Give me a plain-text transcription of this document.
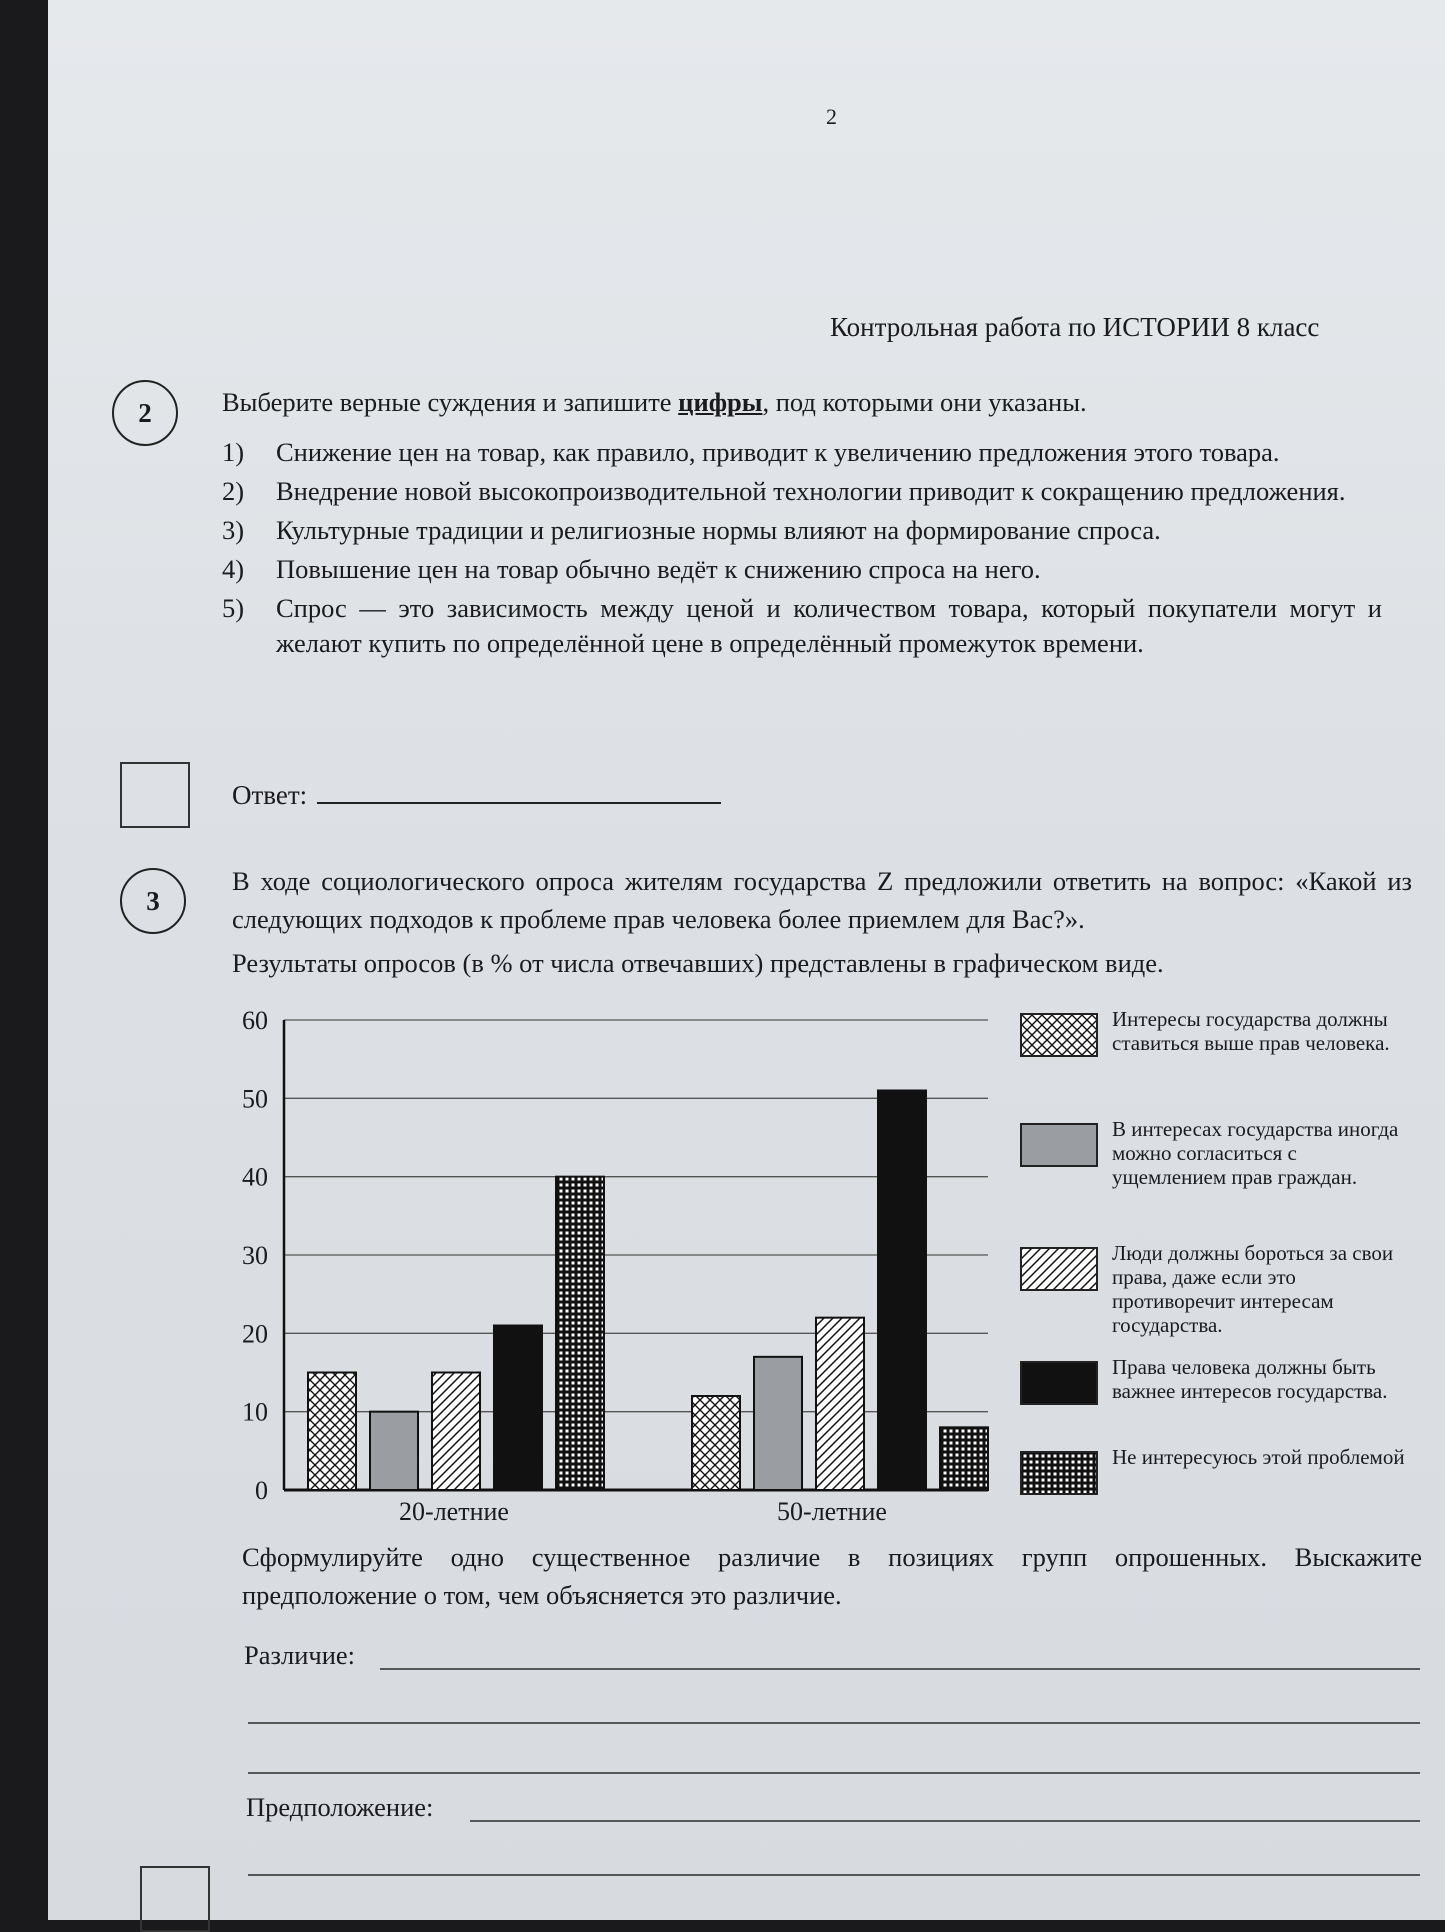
2
Контрольная работа по ИСТОРИИ 8 класс
2	Выберите верные суждения и запишите цифры, под которыми они указаны.
1) Снижение цен на товар, как правило, приводит к увеличению предложения этого товара.
2) Внедрение новой высокопроизводительной технологии приводит к сокращению предложения.
3) Культурные традиции и религиозные нормы влияют на формирование спроса.
4) Повышение цен на товар обычно ведёт к снижению спроса на него.
5) Спрос — это зависимость между ценой и количеством товара, который покупатели могут и желают купить по определённой цене в определённый промежуток времени.
Ответ:
3

В ходе социологического опроса жителям государства Z предложили ответить на вопрос: «Какой из следующих подходов к проблеме прав человека более приемлем для Вас?».

Результаты опросов (в % от числа отвечавших) представлены в графическом виде.

0
10
20
30
40
50
60
20-летние	50-летние
Интересы государства должны ставиться выше прав человека.
В интересах государства иногда можно согласиться с ущемлением прав граждан.
Люди должны бороться за свои права, даже если это противоречит интересам государства.
Права человека должны быть важнее интересов государства.
Не интересуюсь этой проблемой
Сформулируйте одно существенное различие в позициях групп опрошенных. Выскажите предположение о том, чем объясняется это различие.
Различие:
Предположение:
